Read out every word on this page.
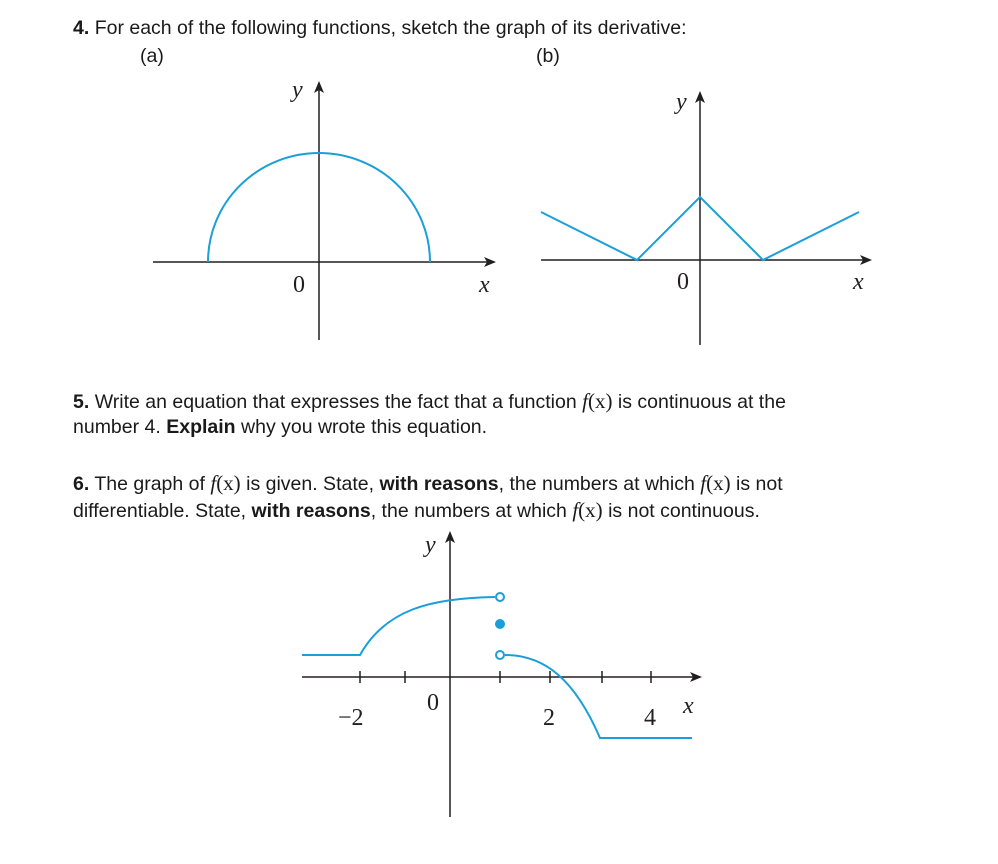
4. For each of the following functions, sketch the graph of its derivative:
(a)	(b)
5. Write an equation that expresses the fact that a function f(x) is continuous at the
number 4. Explain why you wrote this equation.
6. The graph of f(x) is given. State, with reasons, the numbers at which f(x) is not
differentiable. State, with reasons, the numbers at which f(x) is not continuous.
y
x
0
y
x
0
y
x
0
−2	2	4
